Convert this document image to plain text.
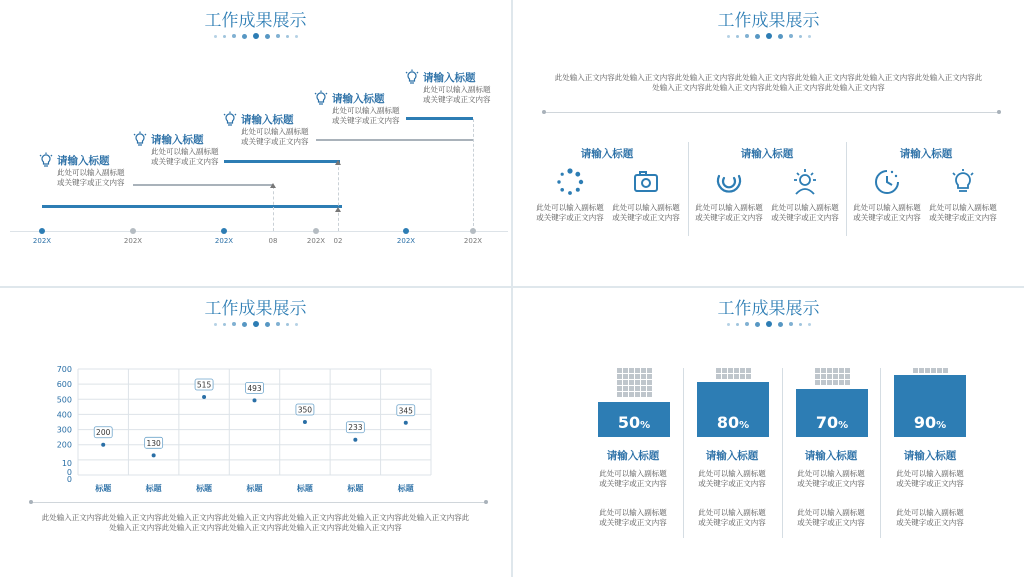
工作成果展示
请输入标题
此处可以输入副标题或关键字或正文内容
请输入标题
此处可以输入副标题或关键字或正文内容
请输入标题
此处可以输入副标题或关键字或正文内容
请输入标题
此处可以输入副标题或关键字或正文内容
请输入标题
此处可以输入副标题或关键字或正文内容
202X	202X	202X	08	202X 02	202X	202X
工作成果展示
此处输入正文内容此处输入正文内容此处输入正文内容此处输入正文内容此处输入正文内容此处输入正文内容此处输入正文内容此处输入正文内容此处输入正文内容此处输入正文内容此处输入正文内容
请输入标题	请输入标题	请输入标题
此处可以输入副标题或关键字或正文内容
此处可以输入副标题或关键字或正文内容
此处可以输入副标题或关键字或正文内容
此处可以输入副标题或关键字或正文内容
此处可以输入副标题或关键字或正文内容
此处可以输入副标题或关键字或正文内容
工作成果展示
700
600
500
400
300
200
10
0
0
标题
200
标题
130
标题
515
标题
493
标题
350
标题
233
标题
345
此处输入正文内容此处输入正文内容此处输入正文内容此处输入正文内容此处输入正文内容此处输入正文内容此处输入正文内容此处输入正文内容此处输入正文内容此处输入正文内容此处输入正文内容此处输入正文内容
工作成果展示
50%
请输入标题
此处可以输入副标题或关键字或正文内容
此处可以输入副标题或关键字或正文内容
80%
请输入标题
此处可以输入副标题或关键字或正文内容
此处可以输入副标题或关键字或正文内容
70%
请输入标题
此处可以输入副标题或关键字或正文内容
此处可以输入副标题或关键字或正文内容
90%
请输入标题
此处可以输入副标题或关键字或正文内容
此处可以输入副标题或关键字或正文内容
